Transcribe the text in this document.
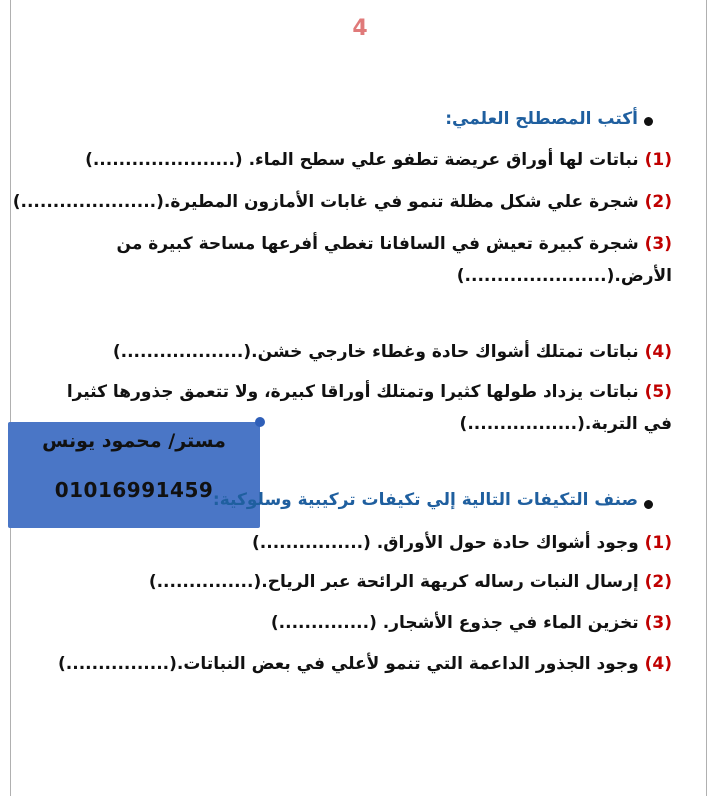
4
أكتب المصطلح العلمي:
(1) نباتات لها أوراق عريضة تطفو علي سطح الماء. (......................)
(2) شجرة علي شكل مظلة تنمو في غابات الأمازون المطيرة.(.....................)
(3) شجرة كبيرة تعيش في السافانا تغطي أفرعها مساحة كبيرة من الأرض.(......................)
(4) نباتات تمتلك أشواك حادة وغطاء خارجي خشن.(...................)
(5) نباتات يزداد طولها كثيرا وتمتلك أوراقا كبيرة، ولا تتعمق جذورها كثيرا في التربة.(.................)
مستر/ محمود يونس
01016991459 صنف التكيفات التالية إلي تكيفات تركيبية وسلوكية:
(1) وجود أشواك حادة حول الأوراق. (................)
(2) إرسال النبات رساله كريهة الرائحة عبر الرياح.(...............)
(3) تخزين الماء في جذوع الأشجار. (..............)
(4) وجود الجذور الداعمة التي تنمو لأعلي في بعض النباتات.(................)
